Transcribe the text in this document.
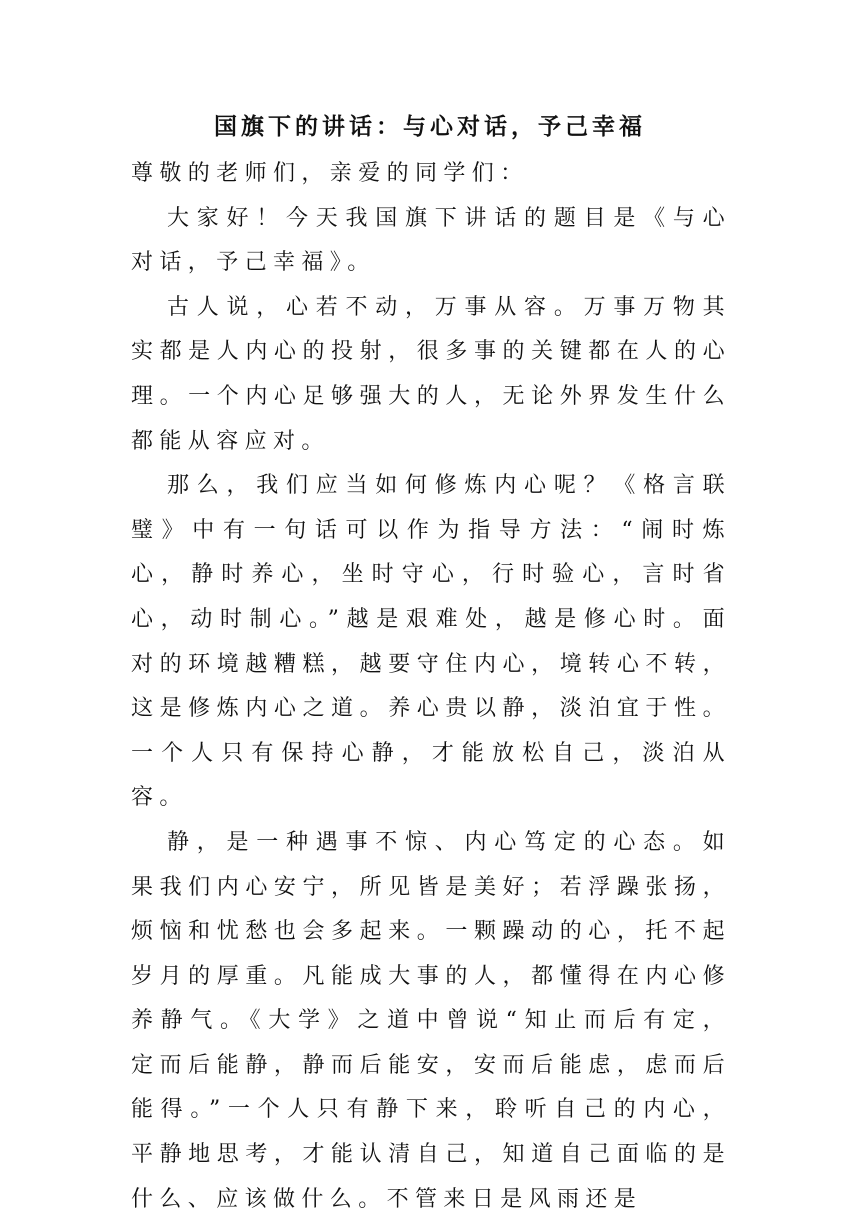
国旗下的讲话：与心对话，予己幸福

尊敬的老师们，亲爱的同学们：

大家好！今天我国旗下讲话的题目是《与心对话，予己幸福》。

古人说，心若不动，万事从容。万事万物其实都是人内心的投射，很多事的关键都在人的心理。一个内心足够强大的人，无论外界发生什么都能从容应对。

那么，我们应当如何修炼内心呢？《格言联璧》中有一句话可以作为指导方法：“闹时炼心，静时养心，坐时守心，行时验心，言时省心，动时制心。”越是艰难处，越是修心时。面对的环境越糟糕，越要守住内心，境转心不转，这是修炼内心之道。养心贵以静，淡泊宜于性。一个人只有保持心静，才能放松自己，淡泊从容。

静，是一种遇事不惊、内心笃定的心态。如果我们内心安宁，所见皆是美好；若浮躁张扬，烦恼和忧愁也会多起来。一颗躁动的心，托不起岁月的厚重。凡能成大事的人，都懂得在内心修养静气。《大学》之道中曾说“知止而后有定，定而后能静，静而后能安，安而后能虑，虑而后能得。”一个人只有静下来，聆听自己的内心，平静地思考，才能认清自己，知道自己面临的是什么、应该做什么。不管来日是风雨还是
